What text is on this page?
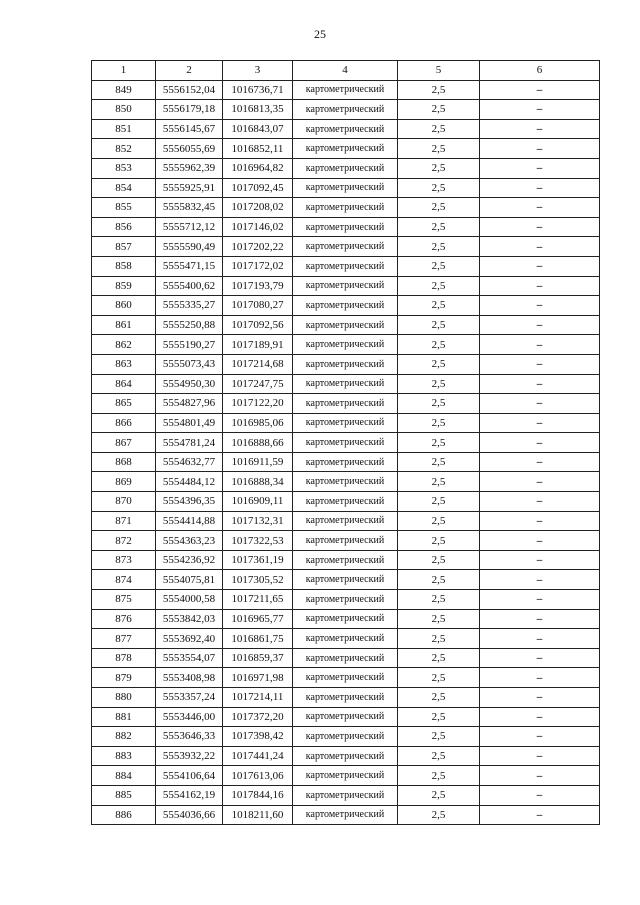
25
1	2	3	4	5	6
849	5556152,04	1016736,71	картометрический	2,5	–
850	5556179,18	1016813,35	картометрический	2,5	–
851	5556145,67	1016843,07	картометрический	2,5	–
852	5556055,69	1016852,11	картометрический	2,5	–
853	5555962,39	1016964,82	картометрический	2,5	–
854	5555925,91	1017092,45	картометрический	2,5	–
855	5555832,45	1017208,02	картометрический	2,5	–
856	5555712,12	1017146,02	картометрический	2,5	–
857	5555590,49	1017202,22	картометрический	2,5	–
858	5555471,15	1017172,02	картометрический	2,5	–
859	5555400,62	1017193,79	картометрический	2,5	–
860	5555335,27	1017080,27	картометрический	2,5	–
861	5555250,88	1017092,56	картометрический	2,5	–
862	5555190,27	1017189,91	картометрический	2,5	–
863	5555073,43	1017214,68	картометрический	2,5	–
864	5554950,30	1017247,75	картометрический	2,5	–
865	5554827,96	1017122,20	картометрический	2,5	–
866	5554801,49	1016985,06	картометрический	2,5	–
867	5554781,24	1016888,66	картометрический	2,5	–
868	5554632,77	1016911,59	картометрический	2,5	–
869	5554484,12	1016888,34	картометрический	2,5	–
870	5554396,35	1016909,11	картометрический	2,5	–
871	5554414,88	1017132,31	картометрический	2,5	–
872	5554363,23	1017322,53	картометрический	2,5	–
873	5554236,92	1017361,19	картометрический	2,5	–
874	5554075,81	1017305,52	картометрический	2,5	–
875	5554000,58	1017211,65	картометрический	2,5	–
876	5553842,03	1016965,77	картометрический	2,5	–
877	5553692,40	1016861,75	картометрический	2,5	–
878	5553554,07	1016859,37	картометрический	2,5	–
879	5553408,98	1016971,98	картометрический	2,5	–
880	5553357,24	1017214,11	картометрический	2,5	–
881	5553446,00	1017372,20	картометрический	2,5	–
882	5553646,33	1017398,42	картометрический	2,5	–
883	5553932,22	1017441,24	картометрический	2,5	–
884	5554106,64	1017613,06	картометрический	2,5	–
885	5554162,19	1017844,16	картометрический	2,5	–
886	5554036,66	1018211,60	картометрический	2,5	–
